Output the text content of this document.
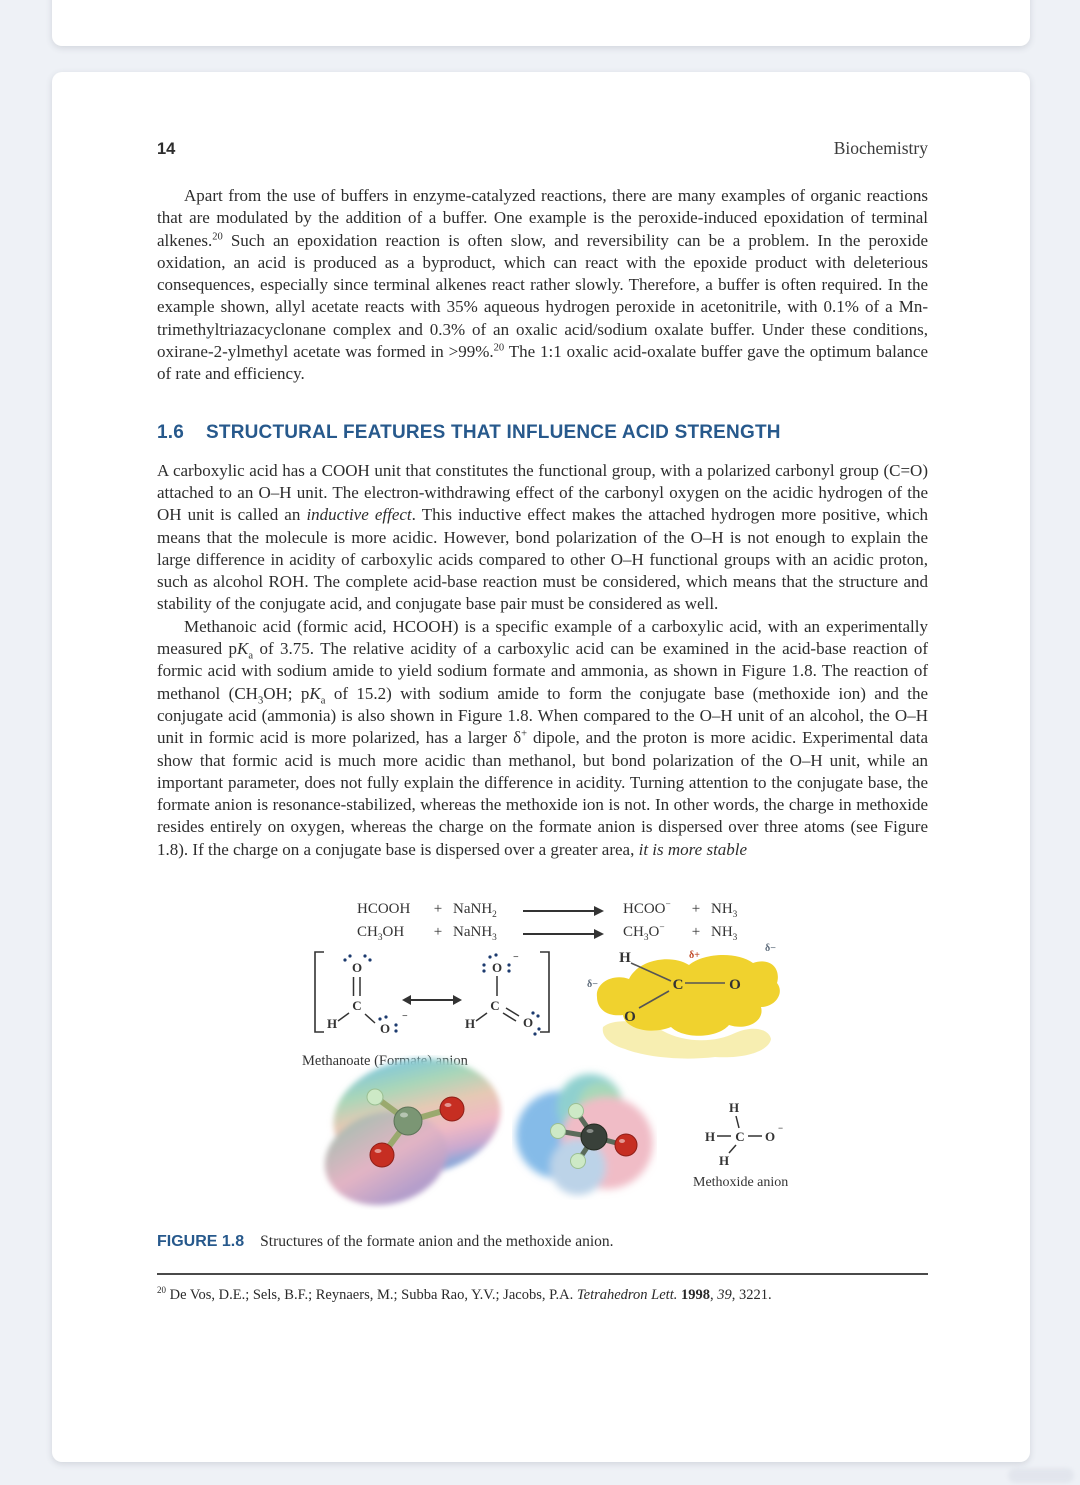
14	Biochemistry

Apart from the use of buffers in enzyme-catalyzed reactions, there are many examples of organic reactions that are modulated by the addition of a buffer. One example is the peroxide-induced epoxidation of terminal alkenes.$^{20}$ Such an epoxidation reaction is often slow, and reversibility can be a problem. In the peroxide oxidation, an acid is produced as a byproduct, which can react with the epoxide product with deleterious consequences, especially since terminal alkenes react rather slowly. Therefore, a buffer is often required. In the example shown, allyl acetate reacts with 35% aqueous hydrogen peroxide in acetonitrile, with 0.1% of a Mn-trimethyltriazacyclonane complex and 0.3% of an oxalic acid/sodium oxalate buffer. Under these conditions, oxirane-2-ylmethyl acetate was formed in >99%.$^{20}$ The 1:1 oxalic acid-oxalate buffer gave the optimum balance of rate and efficiency.

1.6 STRUCTURAL FEATURES THAT INFLUENCE ACID STRENGTH

A carboxylic acid has a COOH unit that constitutes the functional group, with a polarized carbonyl group (C=O) attached to an O–H unit. The electron-withdrawing effect of the carbonyl oxygen on the acidic hydrogen of the OH unit is called an inductive effect. This inductive effect makes the attached hydrogen more positive, which means that the molecule is more acidic. However, bond polarization of the O–H is not enough to explain the large difference in acidity of carboxylic acids compared to other O–H functional groups with an acidic proton, such as alcohol ROH. The complete acid-base reaction must be considered, which means that the structure and stability of the conjugate acid, and conjugate base pair must be considered as well.

Methanoic acid (formic acid, HCOOH) is a specific example of a carboxylic acid, with an experimentally measured $pK_a$ of 3.75. The relative acidity of a carboxylic acid can be examined in the acid-base reaction of formic acid with sodium amide to yield sodium formate and ammonia, as shown in Figure 1.8. The reaction of methanol ($CH_3OH$; $pK_a$ of 15.2) with sodium amide to form the conjugate base (methoxide ion) and the conjugate acid (ammonia) is also shown in Figure 1.8. When compared to the O–H unit of an alcohol, the O–H unit in formic acid is more polarized, has a larger δ+ dipole, and the proton is more acidic. Experimental data show that formic acid is much more acidic than methanol, but bond polarization of the O–H unit, while an important parameter, does not fully explain the difference in acidity. Turning attention to the conjugate base, the formate anion is resonance-stabilized, whereas the methoxide ion is not. In other words, the charge in methoxide resides entirely on oxygen, whereas the charge on the formate anion is dispersed over three atoms (see Figure 1.8). If the charge on a conjugate base is dispersed over a greater area, it is more stable

HCOOH	+ NaNH$_2$	HCOO−	+ $NH_3$
$CH_3OH$	+ NaNH$_3$	$CH_3O^-$	+ $NH_3$
O
C
H	O
−
O
−
C
H	O
Methanoate (Formate) anion
H
C	O
O
δ+
δ−
δ−
H
H C O
−
H
Methoxide anion
FIGURE 1.8 Structures of the formate anion and the methoxide anion.

$^{20}$ De Vos, D.E.; Sels, B.F.; Reynaers, M.; Subba Rao, Y.V.; Jacobs, P.A. Tetrahedron Lett. 1998, 39, 3221.
